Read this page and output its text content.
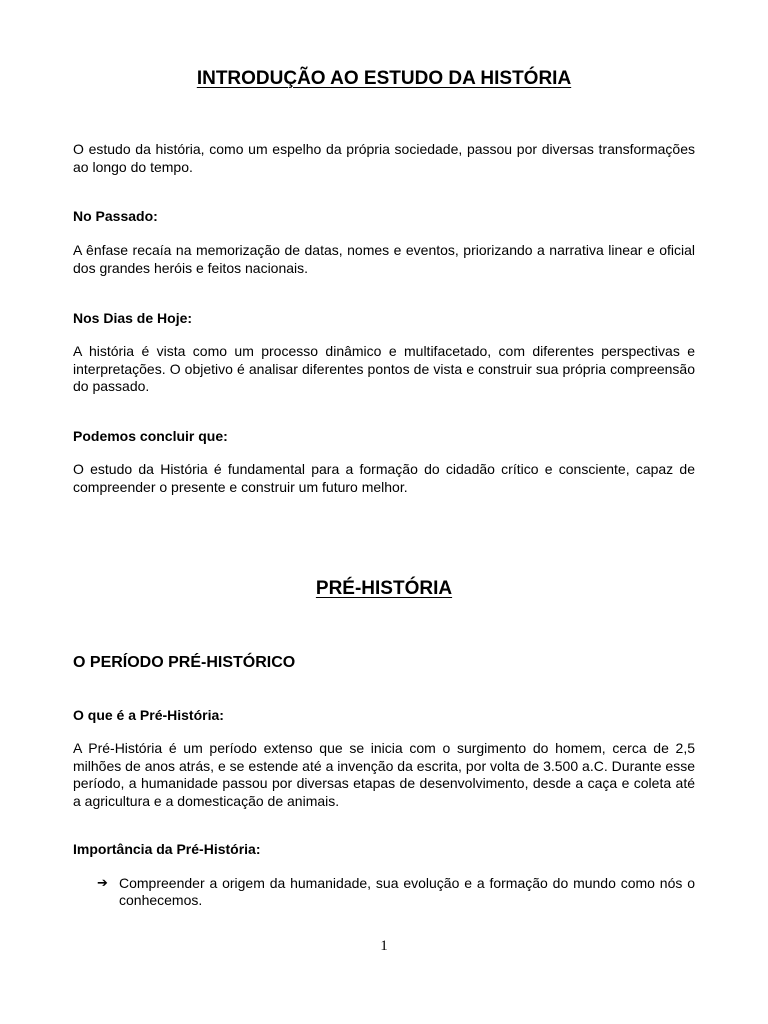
INTRODUÇÃO AO ESTUDO DA HISTÓRIA

O estudo da história, como um espelho da própria sociedade, passou por diversas transformações ao longo do tempo.

No Passado:

A ênfase recaía na memorização de datas, nomes e eventos, priorizando a narrativa linear e oficial dos grandes heróis e feitos nacionais.

Nos Dias de Hoje:

A história é vista como um processo dinâmico e multifacetado, com diferentes perspectivas e interpretações. O objetivo é analisar diferentes pontos de vista e construir sua própria compreensão do passado.

Podemos concluir que:

O estudo da História é fundamental para a formação do cidadão crítico e consciente, capaz de compreender o presente e construir um futuro melhor.

PRÉ-HISTÓRIA
O PERÍODO PRÉ-HISTÓRICO
O que é a Pré-História:

A Pré-História é um período extenso que se inicia com o surgimento do homem, cerca de 2,5 milhões de anos atrás, e se estende até a invenção da escrita, por volta de 3.500 a.C. Durante esse período, a humanidade passou por diversas etapas de desenvolvimento, desde a caça e coleta até a agricultura e a domesticação de animais.

Importância da Pré-História:
➔ Compreender a origem da humanidade, sua evolução e a formação do mundo como nós o conhecemos.
1
